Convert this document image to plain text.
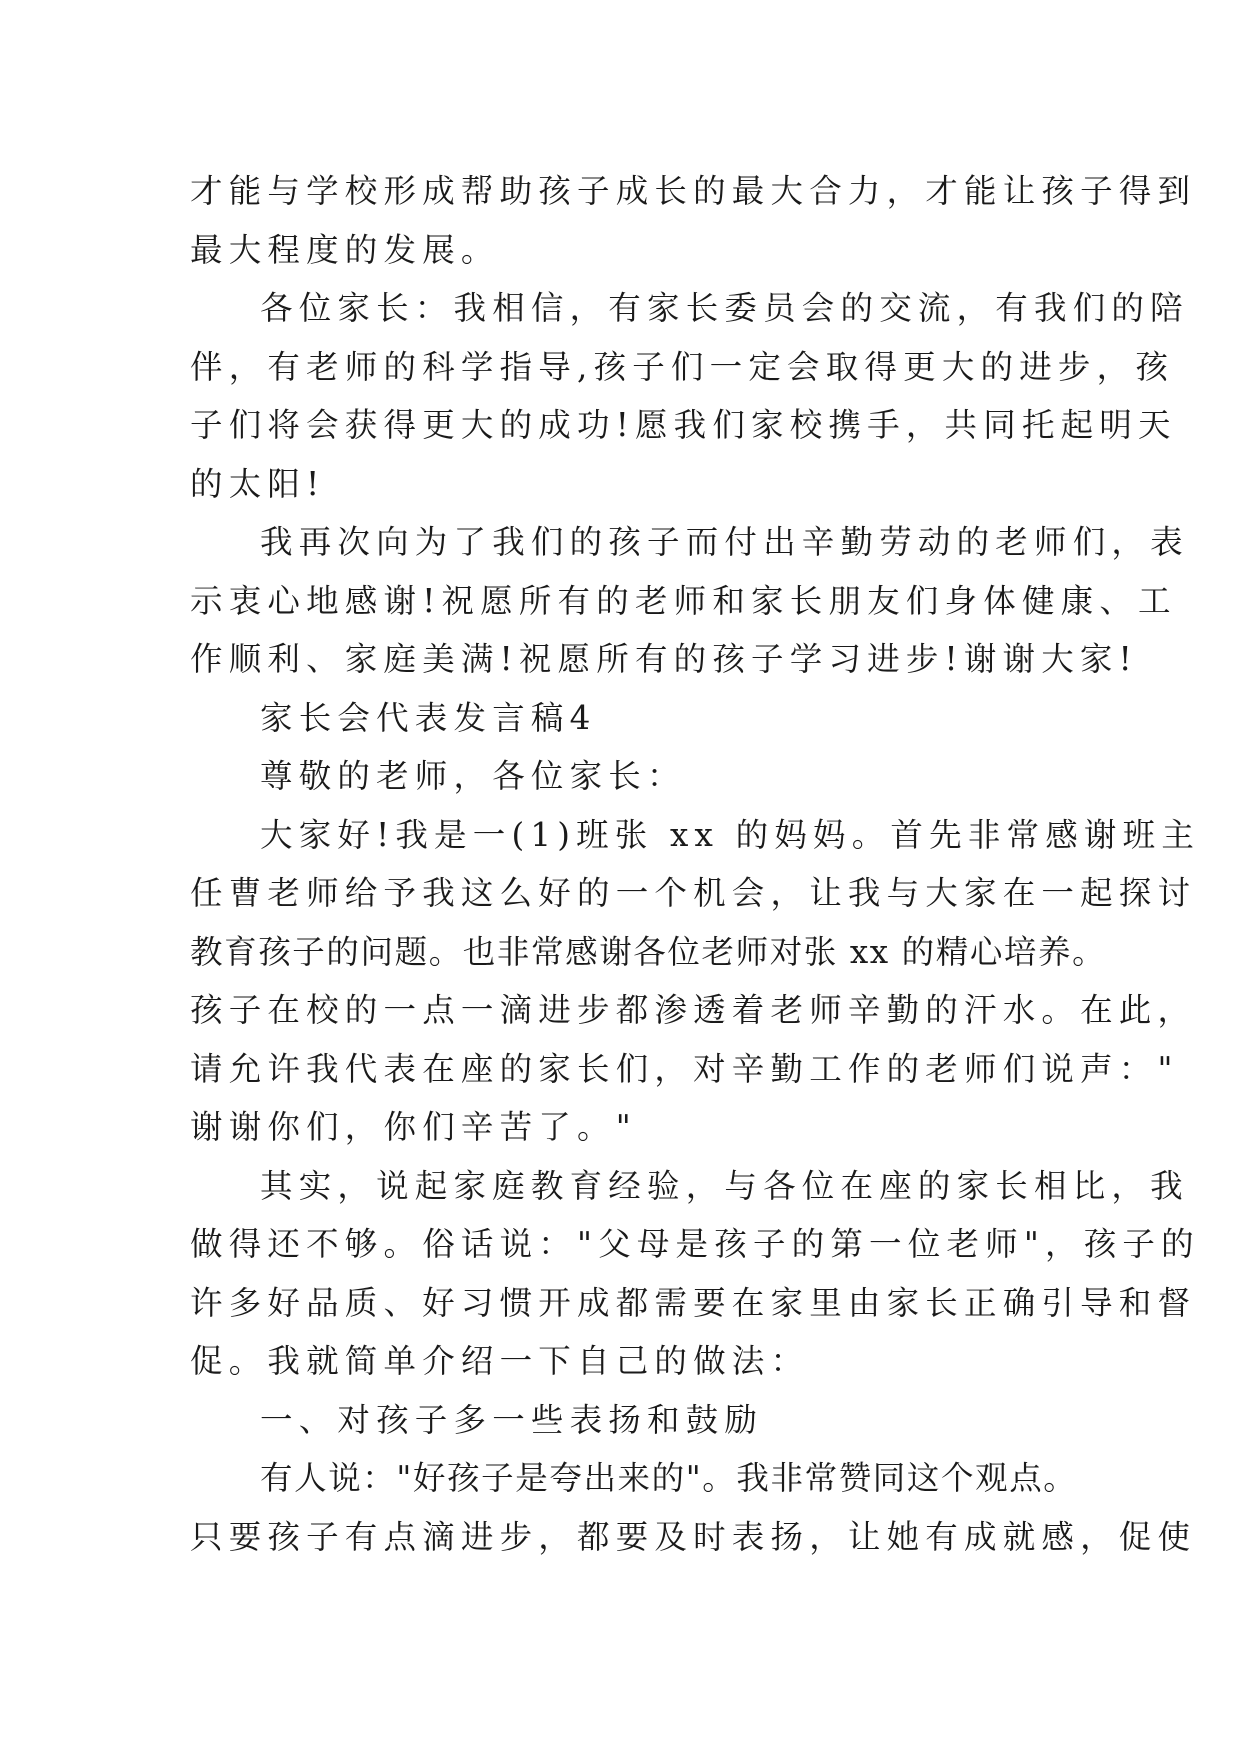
才能与学校形成帮助孩子成长的最大合力，才能让孩子得到
最大程度的发展。
各位家长：我相信，有家长委员会的交流，有我们的陪
伴，有老师的科学指导,孩子们一定会取得更大的进步，孩
子们将会获得更大的成功!愿我们家校携手，共同托起明天
的太阳!
我再次向为了我们的孩子而付出辛勤劳动的老师们，表
示衷心地感谢!祝愿所有的老师和家长朋友们身体健康、工
作顺利、家庭美满!祝愿所有的孩子学习进步!谢谢大家!
家长会代表发言稿4
尊敬的老师，各位家长：
大家好!我是一(1)班张 xx 的妈妈。首先非常感谢班主
任曹老师给予我这么好的一个机会，让我与大家在一起探讨
教育孩子的问题。也非常感谢各位老师对张 xx 的精心培养。
孩子在校的一点一滴进步都渗透着老师辛勤的汗水。在此，
请允许我代表在座的家长们，对辛勤工作的老师们说声："
谢谢你们，你们辛苦了。"
其实，说起家庭教育经验，与各位在座的家长相比，我
做得还不够。俗话说："父母是孩子的第一位老师"，孩子的
许多好品质、好习惯开成都需要在家里由家长正确引导和督
促。我就简单介绍一下自己的做法：
一、对孩子多一些表扬和鼓励
有人说："好孩子是夸出来的"。我非常赞同这个观点。
只要孩子有点滴进步，都要及时表扬，让她有成就感，促使
